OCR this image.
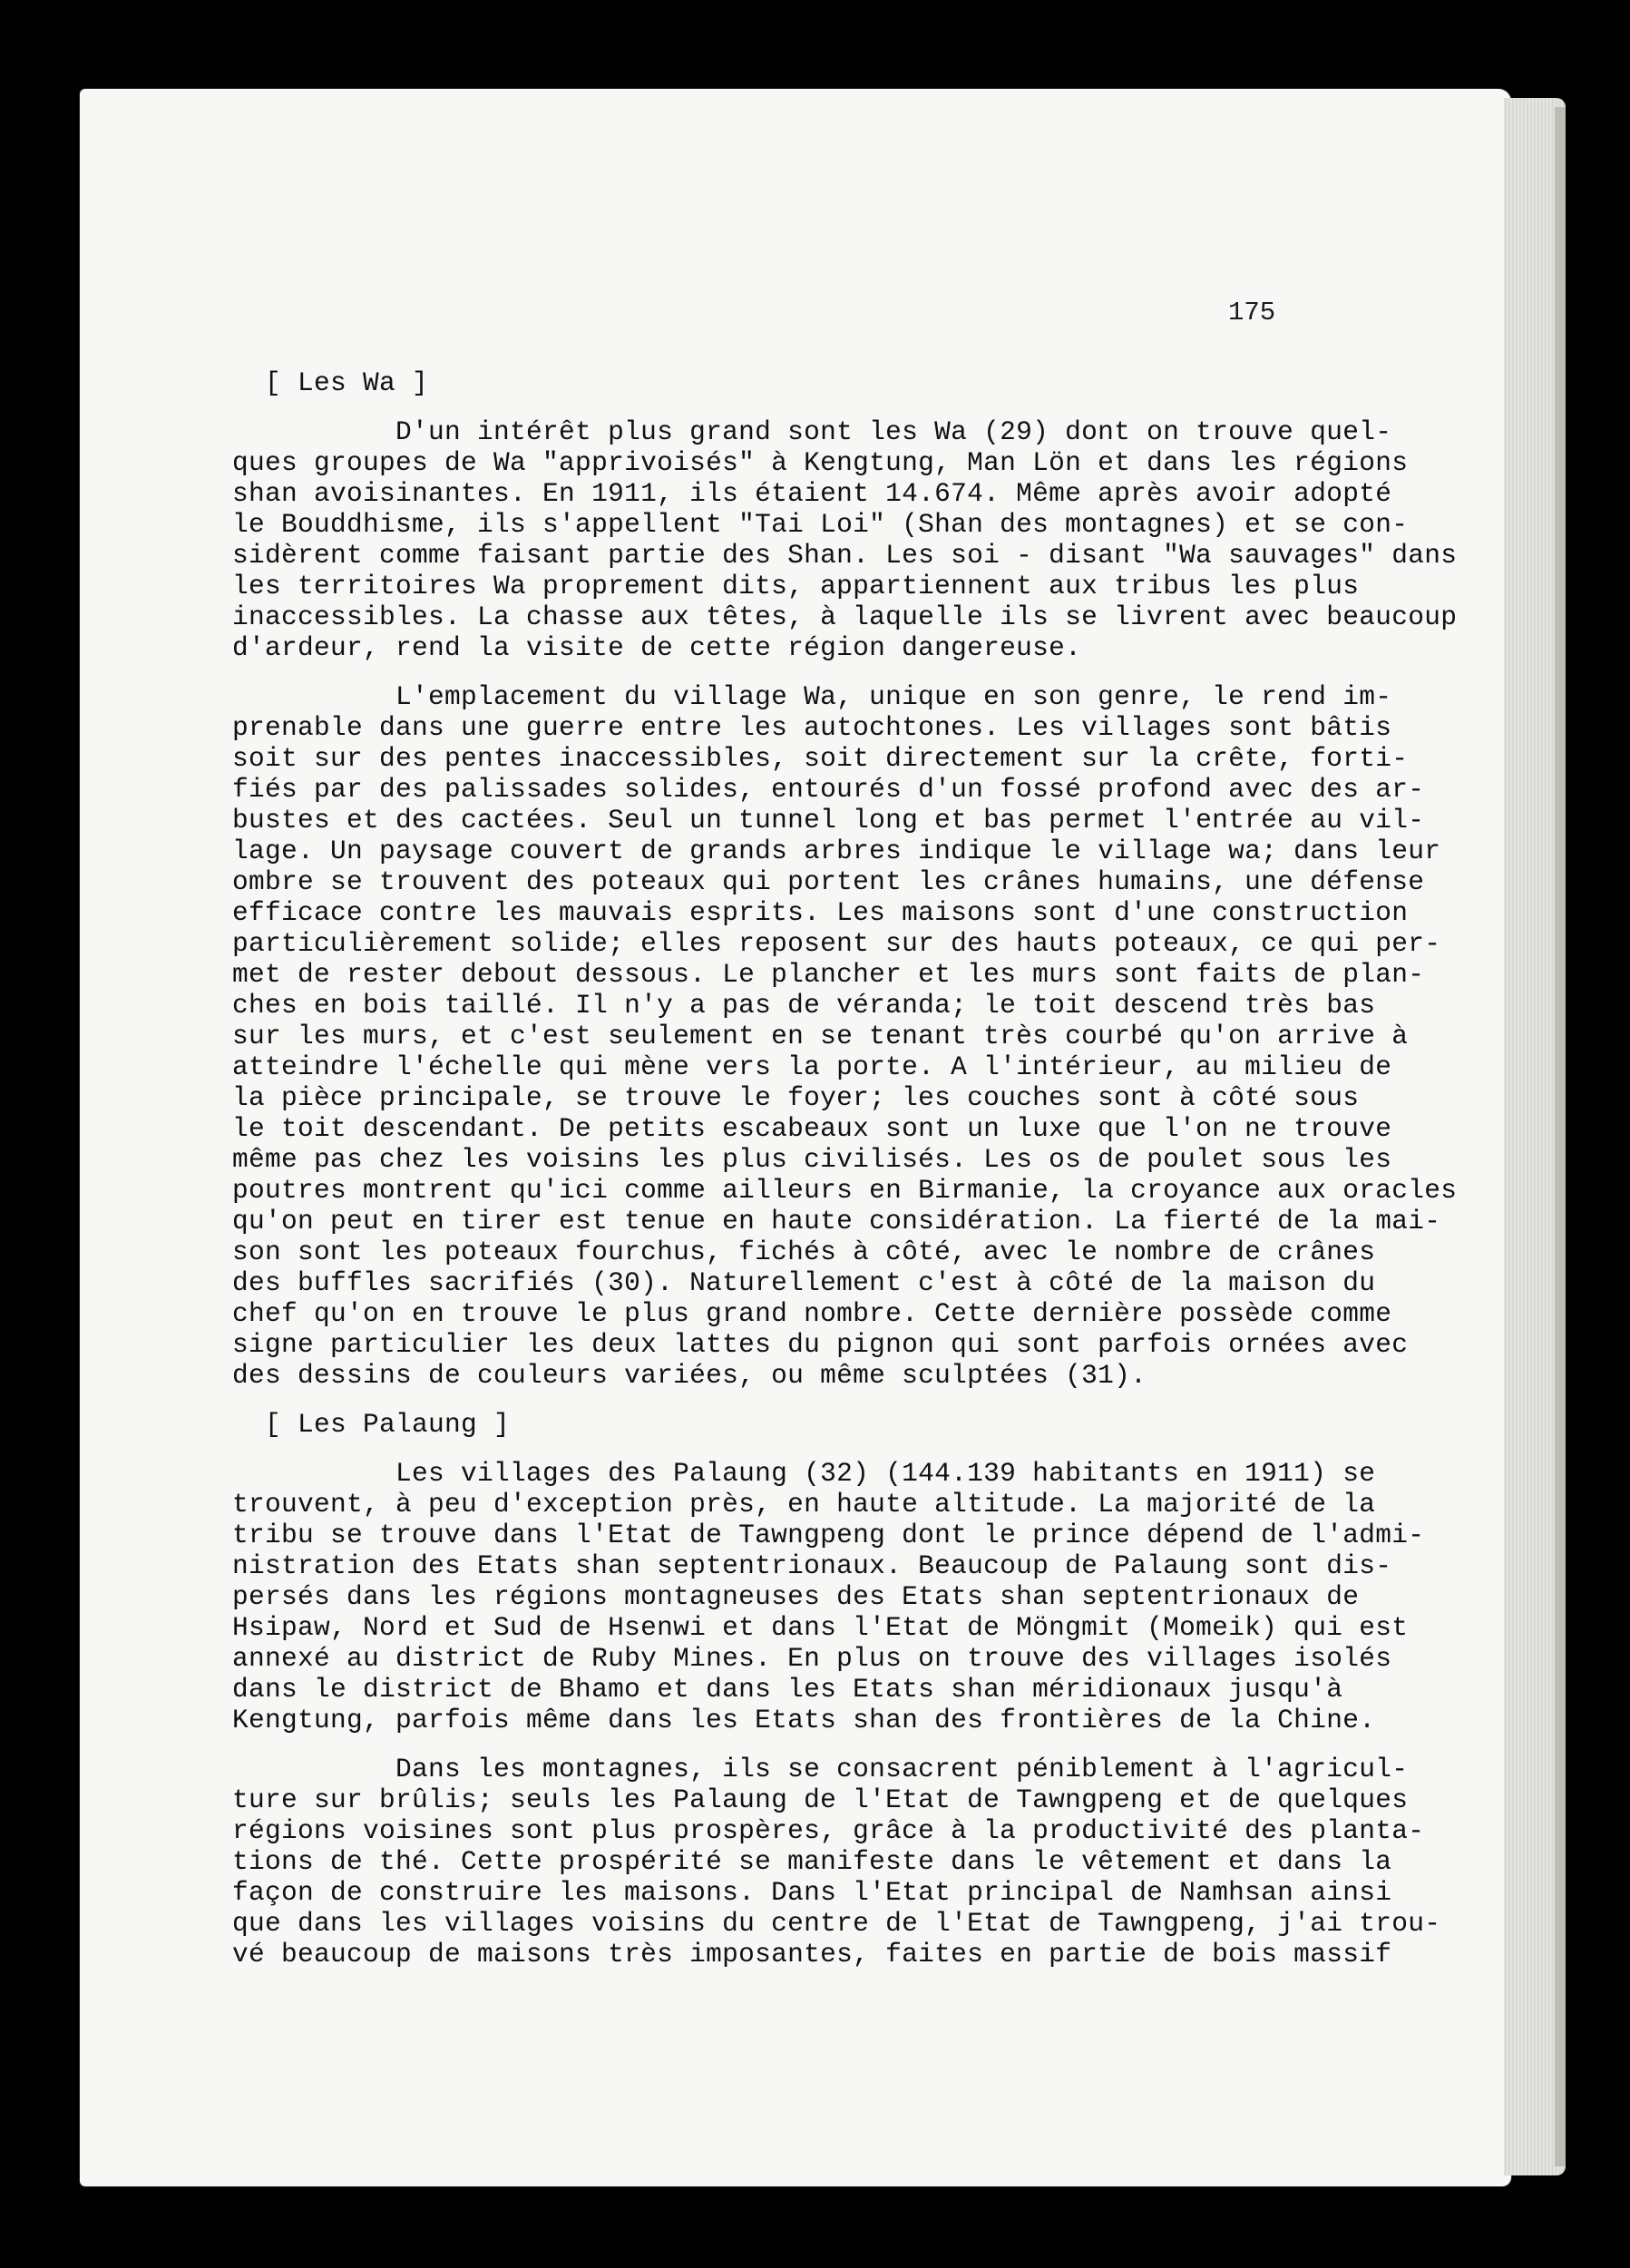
175
[ Les Wa ]
D'un intérêt plus grand sont les Wa (29) dont on trouve quel-
ques groupes de Wa "apprivoisés" à Kengtung, Man Lön et dans les régions
shan avoisinantes. En 1911, ils étaient 14.674. Même après avoir adopté
le Bouddhisme, ils s'appellent "Tai Loi" (Shan des montagnes) et se con-
sidèrent comme faisant partie des Shan. Les soi - disant "Wa sauvages" dans
les territoires Wa proprement dits, appartiennent aux tribus les plus
inaccessibles. La chasse aux têtes, à laquelle ils se livrent avec beaucoup
d'ardeur, rend la visite de cette région dangereuse.
L'emplacement du village Wa, unique en son genre, le rend im-
prenable dans une guerre entre les autochtones. Les villages sont bâtis
soit sur des pentes inaccessibles, soit directement sur la crête, forti-
fiés par des palissades solides, entourés d'un fossé profond avec des ar-
bustes et des cactées. Seul un tunnel long et bas permet l'entrée au vil-
lage. Un paysage couvert de grands arbres indique le village wa; dans leur
ombre se trouvent des poteaux qui portent les crânes humains, une défense
efficace contre les mauvais esprits. Les maisons sont d'une construction
particulièrement solide; elles reposent sur des hauts poteaux, ce qui per-
met de rester debout dessous. Le plancher et les murs sont faits de plan-
ches en bois taillé. Il n'y a pas de véranda; le toit descend très bas
sur les murs, et c'est seulement en se tenant très courbé qu'on arrive à
atteindre l'échelle qui mène vers la porte. A l'intérieur, au milieu de
la pièce principale, se trouve le foyer; les couches sont à côté sous
le toit descendant. De petits escabeaux sont un luxe que l'on ne trouve
même pas chez les voisins les plus civilisés. Les os de poulet sous les
poutres montrent qu'ici comme ailleurs en Birmanie, la croyance aux oracles
qu'on peut en tirer est tenue en haute considération. La fierté de la mai-
son sont les poteaux fourchus, fichés à côté, avec le nombre de crânes
des buffles sacrifiés (30). Naturellement c'est à côté de la maison du
chef qu'on en trouve le plus grand nombre. Cette dernière possède comme
signe particulier les deux lattes du pignon qui sont parfois ornées avec
des dessins de couleurs variées, ou même sculptées (31).
[ Les Palaung ]
Les villages des Palaung (32) (144.139 habitants en 1911) se
trouvent, à peu d'exception près, en haute altitude. La majorité de la
tribu se trouve dans l'Etat de Tawngpeng dont le prince dépend de l'admi-
nistration des Etats shan septentrionaux. Beaucoup de Palaung sont dis-
persés dans les régions montagneuses des Etats shan septentrionaux de
Hsipaw, Nord et Sud de Hsenwi et dans l'Etat de Möngmit (Momeik) qui est
annexé au district de Ruby Mines. En plus on trouve des villages isolés
dans le district de Bhamo et dans les Etats shan méridionaux jusqu'à
Kengtung, parfois même dans les Etats shan des frontières de la Chine.
Dans les montagnes, ils se consacrent péniblement à l'agricul-
ture sur brûlis; seuls les Palaung de l'Etat de Tawngpeng et de quelques
régions voisines sont plus prospères, grâce à la productivité des planta-
tions de thé. Cette prospérité se manifeste dans le vêtement et dans la
façon de construire les maisons. Dans l'Etat principal de Namhsan ainsi
que dans les villages voisins du centre de l'Etat de Tawngpeng, j'ai trou-
vé beaucoup de maisons très imposantes, faites en partie de bois massif
